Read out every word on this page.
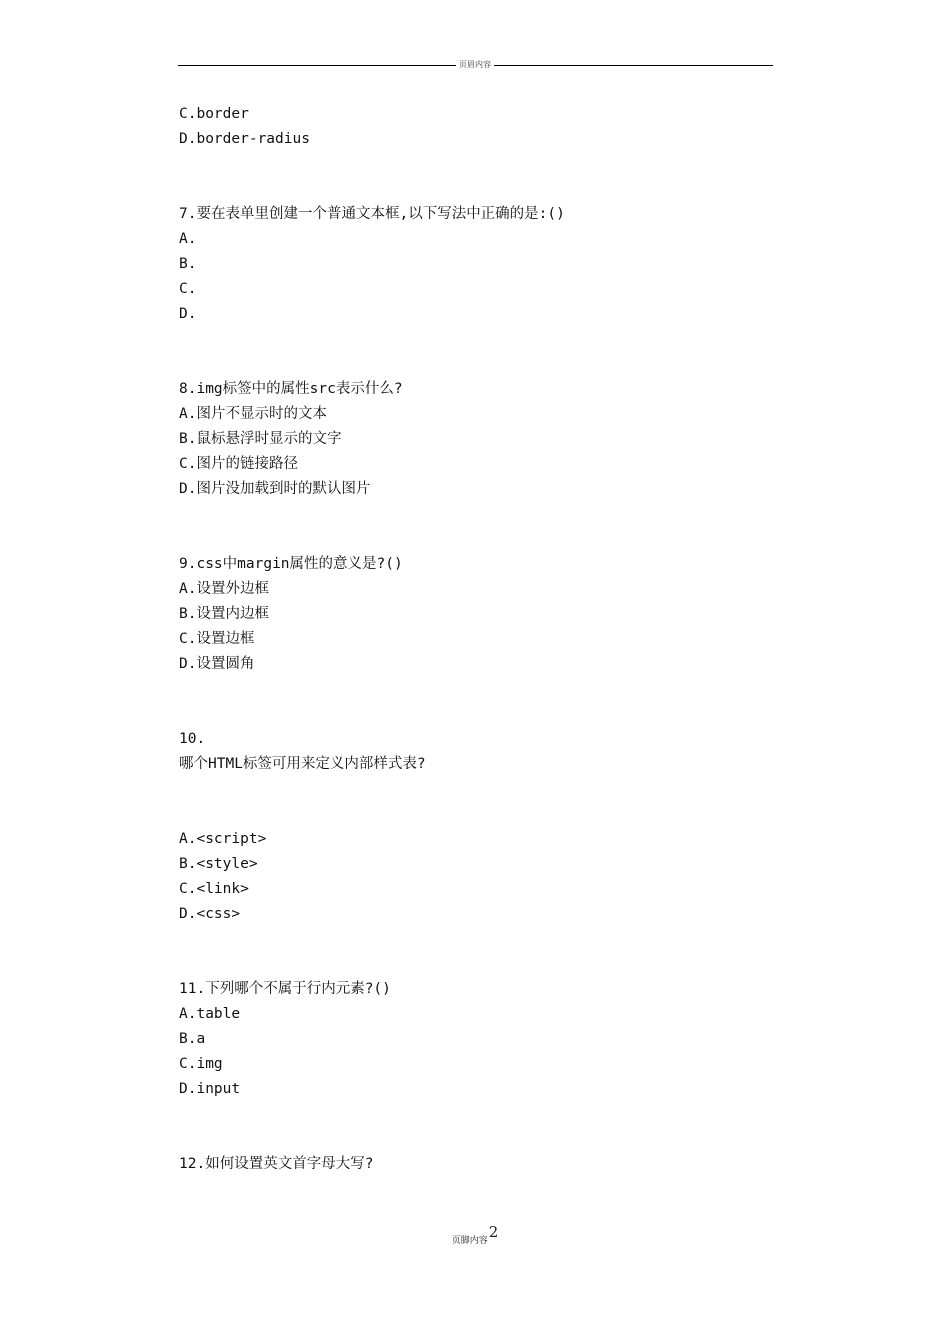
页眉内容
C.border
D.border-radius
7.要在表单里创建一个普通文本框,以下写法中正确的是:()
A.
B.
C.
D.
8.img标签中的属性src表示什么?
A.图片不显示时的文本
B.鼠标悬浮时显示的文字
C.图片的链接路径
D.图片没加载到时的默认图片
9.css中margin属性的意义是?()
A.设置外边框
B.设置内边框
C.设置边框
D.设置圆角
10.
哪个HTML标签可用来定义内部样式表?
A.<script>
B.<style>
C.<link>
D.<css>
11.下列哪个不属于行内元素?()
A.table
B.a
C.img
D.input
12.如何设置英文首字母大写?
页脚内容2
